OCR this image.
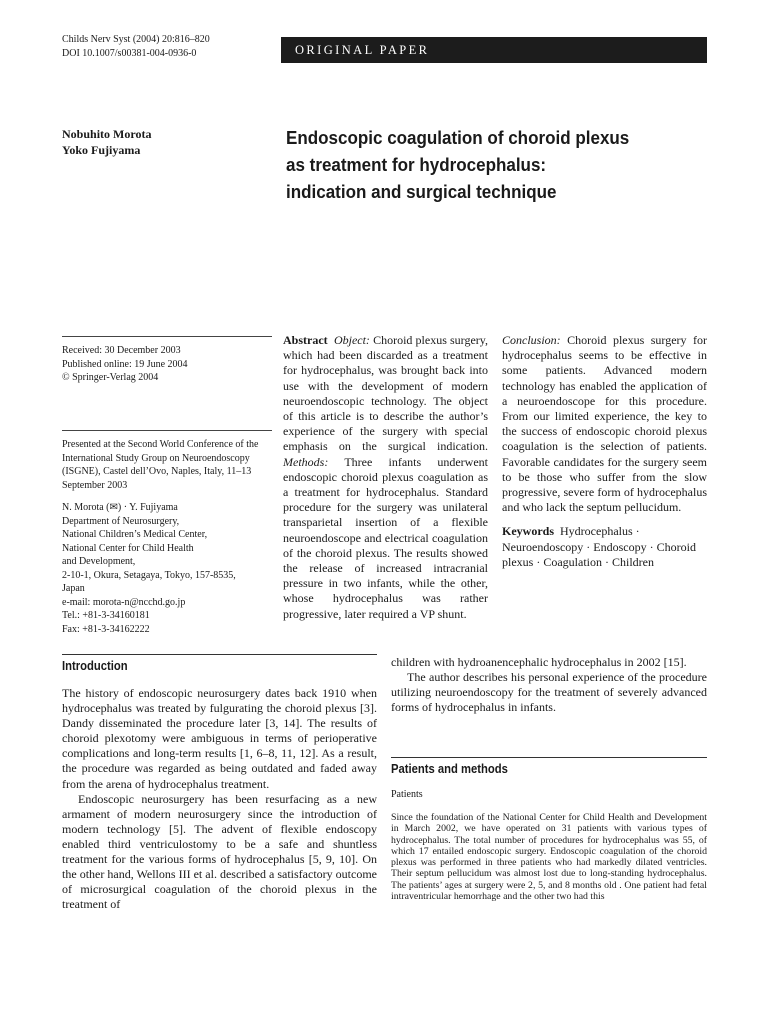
Childs Nerv Syst (2004) 20:816–820
DOI 10.1007/s00381-004-0936-0	ORIGINAL PAPER
Nobuhito Morota
Yoko Fujiyama
Endoscopic coagulation of choroid plexus
as treatment for hydrocephalus:
indication and surgical technique
Received: 30 December 2003
Published online: 19 June 2004
© Springer-Verlag 2004
Presented at the Second World Conference of the International Study Group on Neuroendoscopy (ISGNE), Castel dell’Ovo, Naples, Italy, 11–13 September 2003
N. Morota (✉) · Y. Fujiyama
Department of Neurosurgery,
National Children’s Medical Center,
National Center for Child Health
and Development,
2-10-1, Okura, Setagaya, Tokyo, 157-8535,
Japan
e-mail: morota-n@ncchd.go.jp
Tel.: +81-3-34160181
Fax: +81-3-34162222
Abstract Object: Choroid plexus surgery, which had been discarded as a treatment for hydrocephalus, was brought back into use with the development of modern neuroendoscopic technology. The object of this article is to describe the author’s experience of the surgery with special emphasis on the surgical indication. Methods: Three infants underwent endoscopic choroid plexus coagulation as a treatment for hydrocephalus. Standard procedure for the surgery was unilateral transparietal insertion of a flexible neuroendoscope and electrical coagulation of the choroid plexus. The results showed the release of increased intracranial pressure in two infants, while the other, whose hydrocephalus was rather progressive, later required a VP shunt.
Conclusion: Choroid plexus surgery for hydrocephalus seems to be effective in some patients. Advanced modern technology has enabled the application of a neuroendoscope for this procedure. From our limited experience, the key to the success of endoscopic choroid plexus coagulation is the selection of patients. Favorable candidates for the surgery seem to be those who suffer from the slow progressive, severe form of hydrocephalus and who lack the septum pellucidum.
Keywords Hydrocephalus · Neuroendoscopy · Endoscopy · Choroid plexus · Coagulation · Children
Introduction

The history of endoscopic neurosurgery dates back 1910 when hydrocephalus was treated by fulgurating the choroid plexus [3]. Dandy disseminated the procedure later [3, 14]. The results of choroid plexotomy were ambiguous in terms of perioperative complications and long-term results [1, 6–8, 11, 12]. As a result, the procedure was regarded as being outdated and faded away from the arena of hydrocephalus treatment.

Endoscopic neurosurgery has been resurfacing as a new armament of modern neurosurgery since the introduction of modern technology [5]. The advent of flexible endoscopy enabled third ventriculostomy to be a safe and shuntless treatment for the various forms of hydrocephalus [5, 9, 10]. On the other hand, Wellons III et al. described a satisfactory outcome of microsurgical coagulation of the choroid plexus in the treatment of

children with hydroanencephalic hydrocephalus in 2002 [15].

The author describes his personal experience of the procedure utilizing neuroendoscopy for the treatment of severely advanced forms of hydrocephalus in infants.

Patients and methods
Patients
Since the foundation of the National Center for Child Health and Development in March 2002, we have operated on 31 patients with various types of hydrocephalus. The total number of procedures for hydrocephalus was 55, of which 17 entailed endoscopic surgery. Endoscopic coagulation of the choroid plexus was performed in three patients who had markedly dilated ventricles. Their septum pellucidum was almost lost due to long-standing hydrocephalus. The patients’ ages at surgery were 2, 5, and 8 months old . One patient had fetal intraventricular hemorrhage and the other two had this
